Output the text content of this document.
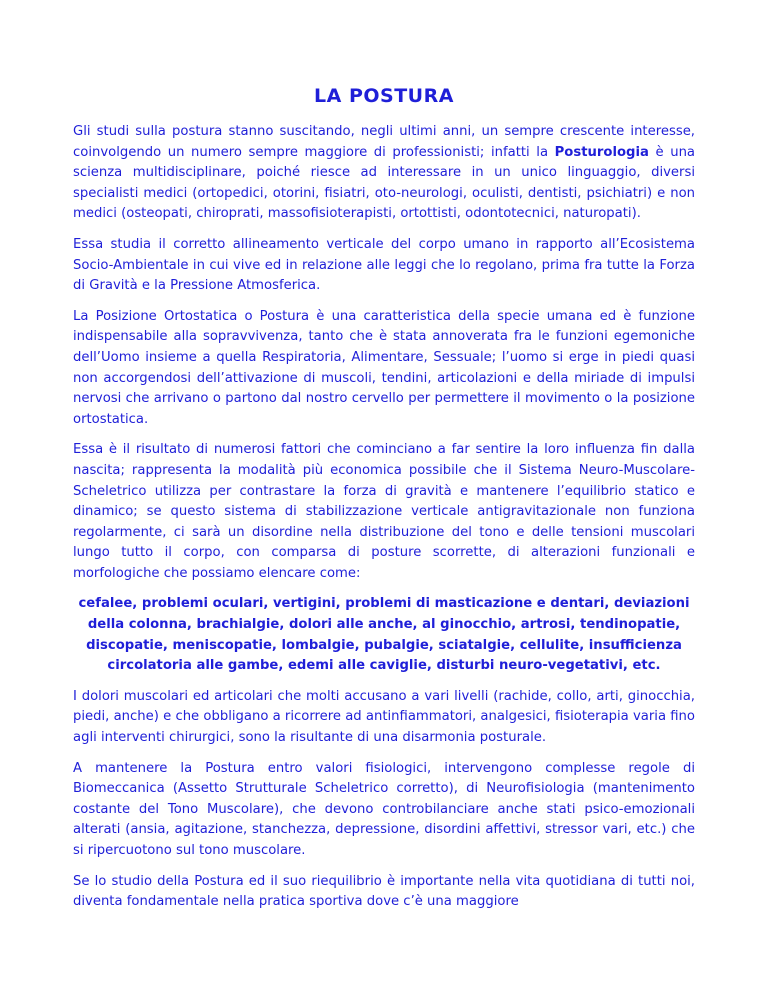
LA POSTURA

Gli studi sulla postura stanno suscitando, negli ultimi anni, un sempre crescente interesse, coinvolgendo un numero sempre maggiore di professionisti; infatti la Posturologia è una scienza multidisciplinare, poiché riesce ad interessare in un unico linguaggio, diversi specialisti medici (ortopedici, otorini, fisiatri, oto-neurologi, oculisti, dentisti, psichiatri) e non medici (osteopati, chiroprati, massofisioterapisti, ortottisti, odontotecnici, naturopati).

Essa studia il corretto allineamento verticale del corpo umano in rapporto all’Ecosistema Socio-Ambientale in cui vive ed in relazione alle leggi che lo regolano, prima fra tutte la Forza di Gravità e la Pressione Atmosferica.

La Posizione Ortostatica o Postura è una caratteristica della specie umana ed è funzione indispensabile alla sopravvivenza, tanto che è stata annoverata fra le funzioni egemoniche dell’Uomo insieme a quella Respiratoria, Alimentare, Sessuale; l’uomo si erge in piedi quasi non accorgendosi dell’attivazione di muscoli, tendini, articolazioni e della miriade di impulsi nervosi che arrivano o partono dal nostro cervello per permettere il movimento o la posizione ortostatica.

Essa è il risultato di numerosi fattori che cominciano a far sentire la loro influenza fin dalla nascita; rappresenta la modalità più economica possibile che il Sistema Neuro-Muscolare-Scheletrico utilizza per contrastare la forza di gravità e mantenere l’equilibrio statico e dinamico; se questo sistema di stabilizzazione verticale antigravitazionale non funziona regolarmente, ci sarà un disordine nella distribuzione del tono e delle tensioni muscolari lungo tutto il corpo, con comparsa di posture scorrette, di alterazioni funzionali e morfologiche che possiamo elencare come:

cefalee, problemi oculari, vertigini, problemi di masticazione e dentari, deviazioni della colonna, brachialgie, dolori alle anche, al ginocchio, artrosi, tendinopatie, discopatie, meniscopatie, lombalgie, pubalgie, sciatalgie, cellulite, insufficienza circolatoria alle gambe, edemi alle caviglie, disturbi neuro-vegetativi, etc.

I dolori muscolari ed articolari che molti accusano a vari livelli (rachide, collo, arti, ginocchia, piedi, anche) e che obbligano a ricorrere ad antinfiammatori, analgesici, fisioterapia varia fino agli interventi chirurgici, sono la risultante di una disarmonia posturale.

A mantenere la Postura entro valori fisiologici, intervengono complesse regole di Biomeccanica (Assetto Strutturale Scheletrico corretto), di Neurofisiologia (mantenimento costante del Tono Muscolare), che devono controbilanciare anche stati psico-emozionali alterati (ansia, agitazione, stanchezza, depressione, disordini affettivi, stressor vari, etc.) che si ripercuotono sul tono muscolare.

Se lo studio della Postura ed il suo riequilibrio è importante nella vita quotidiana di tutti noi, diventa fondamentale nella pratica sportiva dove c’è una maggiore
